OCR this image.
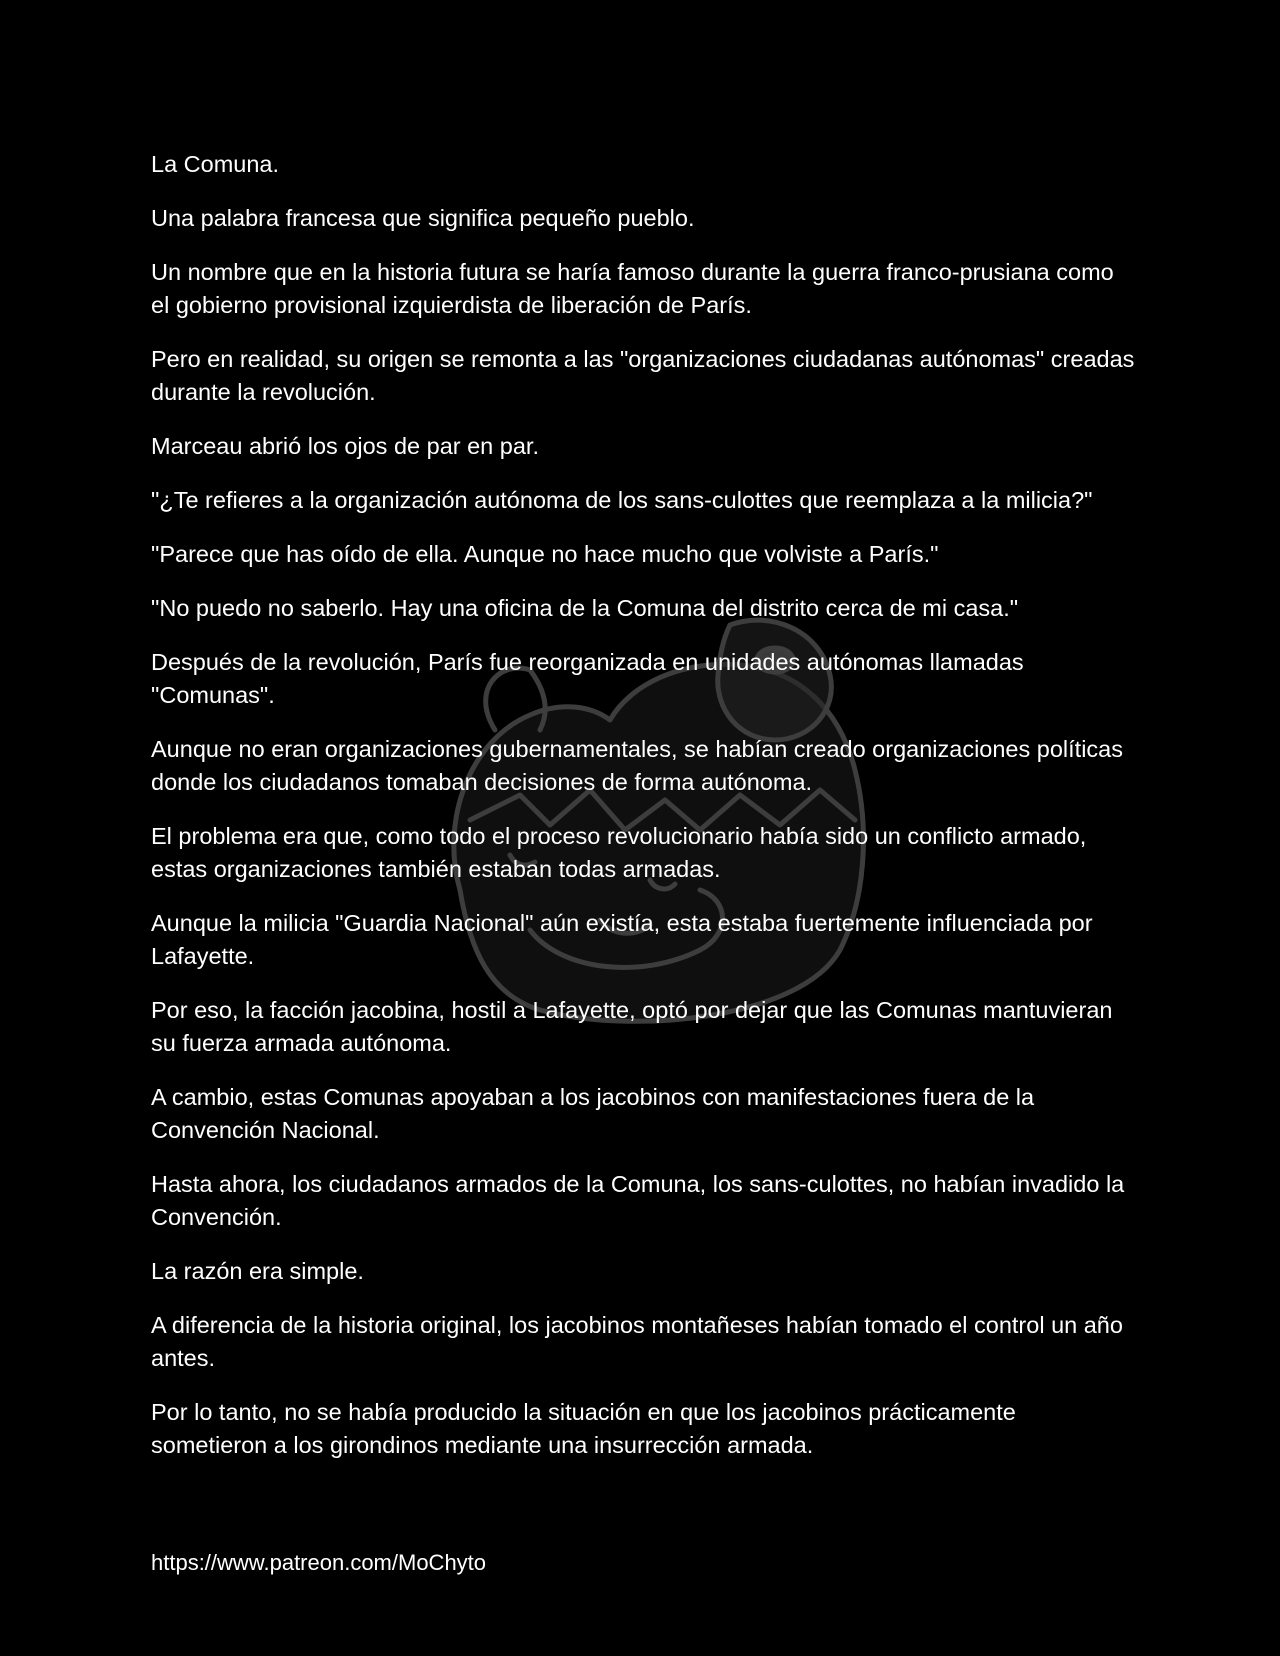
La Comuna.

Una palabra francesa que significa pequeño pueblo.

Un nombre que en la historia futura se haría famoso durante la guerra franco-prusiana como el gobierno provisional izquierdista de liberación de París.

Pero en realidad, su origen se remonta a las "organizaciones ciudadanas autónomas" creadas durante la revolución.

Marceau abrió los ojos de par en par.

"¿Te refieres a la organización autónoma de los sans-culottes que reemplaza a la milicia?"

"Parece que has oído de ella. Aunque no hace mucho que volviste a París."

"No puedo no saberlo. Hay una oficina de la Comuna del distrito cerca de mi casa."

Después de la revolución, París fue reorganizada en unidades autónomas llamadas "Comunas".

Aunque no eran organizaciones gubernamentales, se habían creado organizaciones políticas donde los ciudadanos tomaban decisiones de forma autónoma.

El problema era que, como todo el proceso revolucionario había sido un conflicto armado, estas organizaciones también estaban todas armadas.

Aunque la milicia "Guardia Nacional" aún existía, esta estaba fuertemente influenciada por Lafayette.

Por eso, la facción jacobina, hostil a Lafayette, optó por dejar que las Comunas mantuvieran su fuerza armada autónoma.

A cambio, estas Comunas apoyaban a los jacobinos con manifestaciones fuera de la Convención Nacional.

Hasta ahora, los ciudadanos armados de la Comuna, los sans-culottes, no habían invadido la Convención.

La razón era simple.

A diferencia de la historia original, los jacobinos montañeses habían tomado el control un año antes.

Por lo tanto, no se había producido la situación en que los jacobinos prácticamente sometieron a los girondinos mediante una insurrección armada.

https://www.patreon.com/MoChyto
